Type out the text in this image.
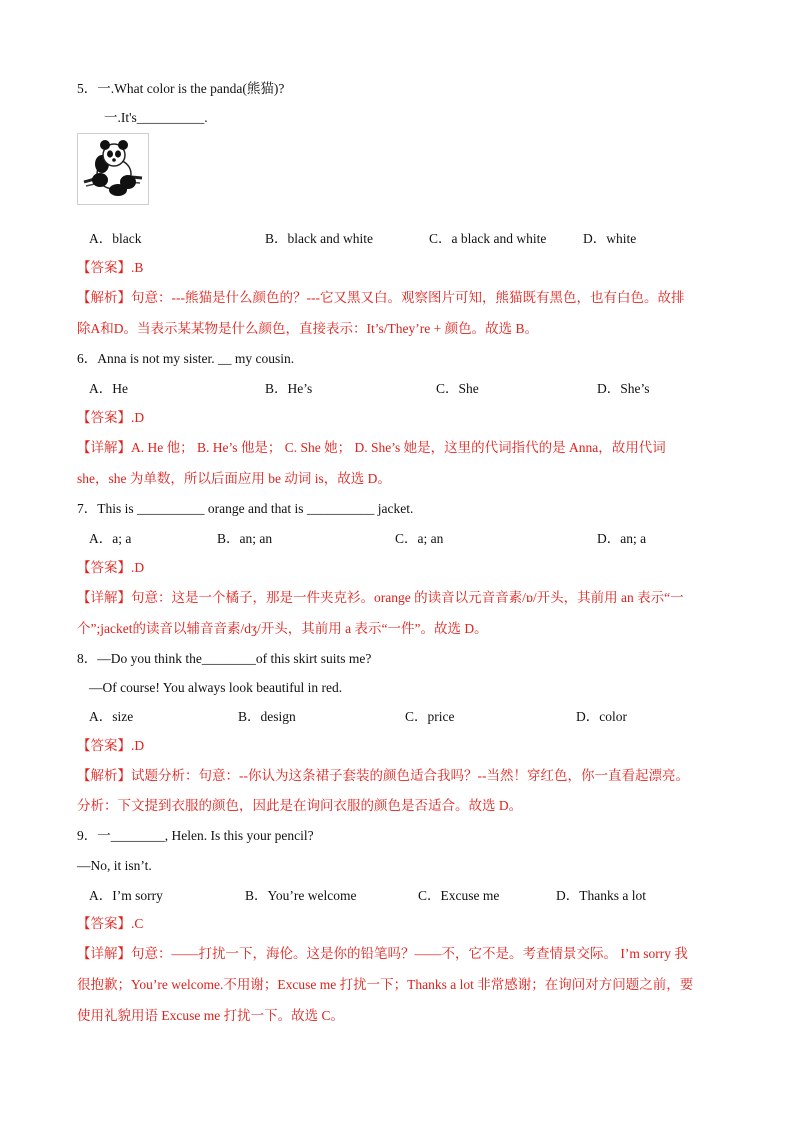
5．一.What color is the panda(熊猫)?
一.It's__________.
A．black	B．black and white	C．a black and white	D．white
【答案】.B
【解析】句意：---熊猫是什么颜色的？---它又黑又白。观察图片可知，熊猫既有黑色，也有白色。故排
除A和D。当表示某某物是什么颜色，直接表示：It’s/They’re + 颜色。故选 B。
6．Anna is not my sister. __ my cousin.
A．He	B．He’s	C．She	D．She’s
【答案】.D
【详解】A. He 他； B. He’s 他是； C. She 她； D. She’s 她是，这里的代词指代的是 Anna，故用代词
she，she 为单数，所以后面应用 be 动词 is，故选 D。
7．This is __________ orange and that is __________ jacket.
A．a; a	B．an; an	C．a; an	D．an; a
【答案】.D
【详解】句意：这是一个橘子，那是一件夹克衫。orange 的读音以元音音素/ɒ/开头，其前用 an 表示“一
个”;jacket的读音以辅音音素/dʒ/开头，其前用 a 表示“一件”。故选 D。
8．—Do you think the________of this skirt suits me?
—Of course! You always look beautiful in red.
A．size	B．design	C．price	D．color
【答案】.D
【解析】试题分析：句意：--你认为这条裙子套装的颜色适合我吗？--当然！穿红色，你一直看起漂亮。
分析：下文提到衣服的颜色，因此是在询问衣服的颜色是否适合。故选 D。
9．一________, Helen. Is this your pencil?
—No, it isn’t.
A．I’m sorry	B．You’re welcome	C．Excuse me	D．Thanks a lot
【答案】.C
【详解】句意：——打扰一下，海伦。这是你的铅笔吗？——不，它不是。考查情景交际。 I’m sorry 我
很抱歉；You’re welcome.不用谢；Excuse me 打扰一下；Thanks a lot 非常感谢；在询问对方问题之前，要
使用礼貌用语 Excuse me 打扰一下。故选 C。
